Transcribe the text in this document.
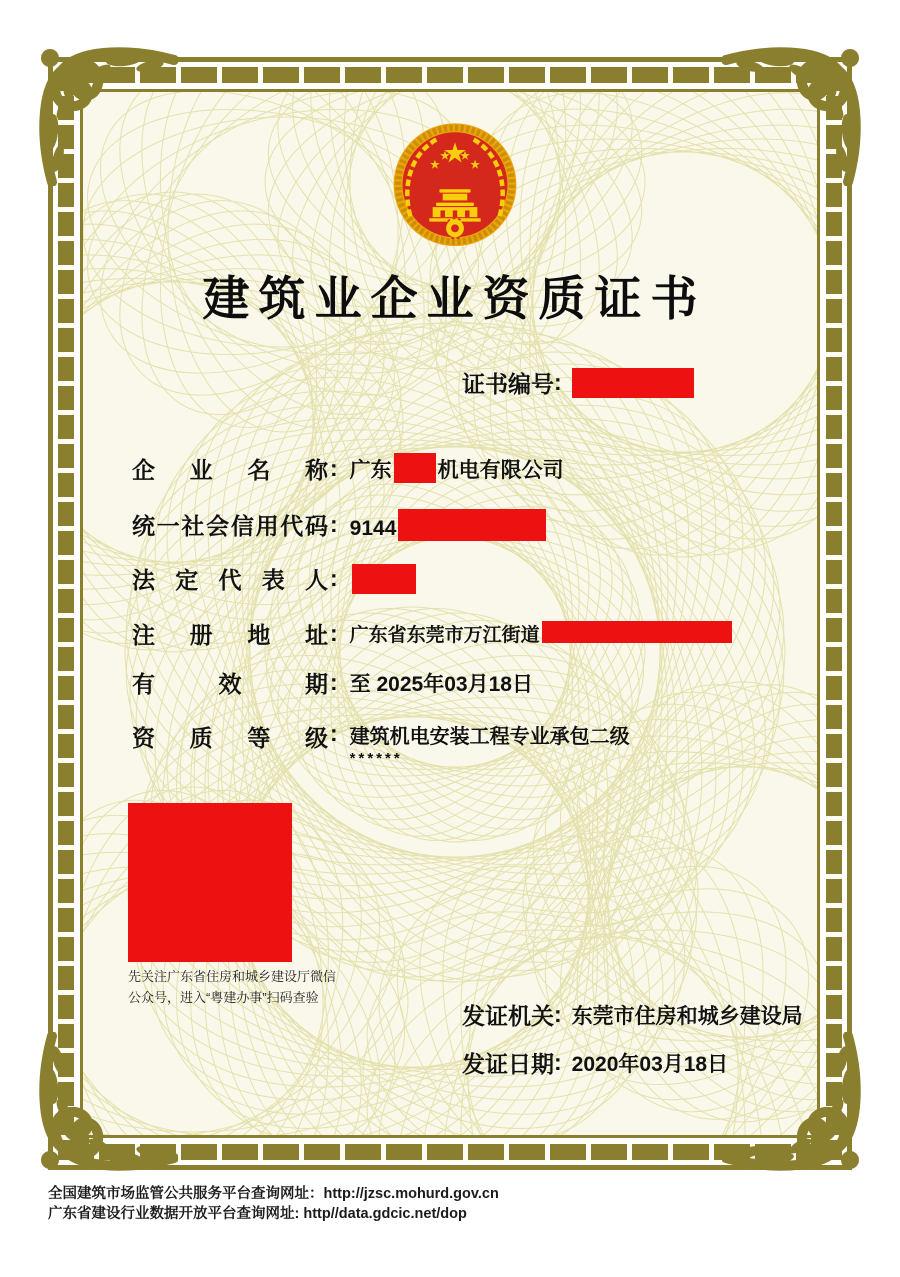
建筑业企业资质证书
证书编号 :
企业名称 : 广东 机电有限公司
统一社会信用代码 : 9144
法定代表人 :
注册地址 : 广东省东莞市万江街道
有效期 : 至 2025年03月18日
资质等级 : 建筑机电安装工程专业承包二级
******
先关注广东省住房和城乡建设厅微信
公众号，进入“粤建办事”扫码查验
发证机关 : 东莞市住房和城乡建设局
发证日期 : 2020年03月18日
全国建筑市场监管公共服务平台查询网址：http://jzsc.mohurd.gov.cn
广东省建设行业数据开放平台查询网址: http//data.gdcic.net/dop
